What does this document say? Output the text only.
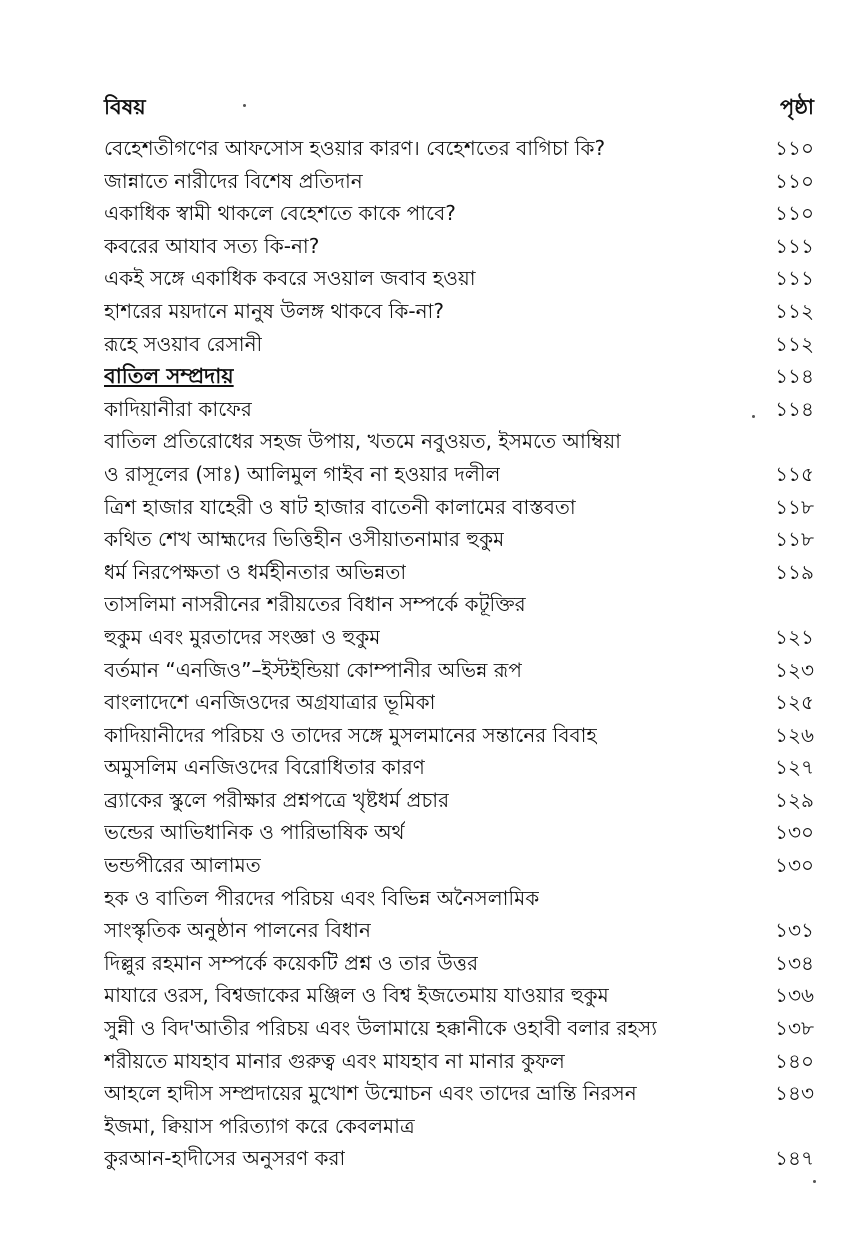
বিষয়	পৃষ্ঠা
বেহেশতীগণের আফসোস হওয়ার কারণ। বেহেশতের বাগিচা কি?	১১০
জান্নাতে নারীদের বিশেষ প্রতিদান	১১০
একাধিক স্বামী থাকলে বেহেশতে কাকে পাবে?	১১০
কবরের আযাব সত্য কি-না?	১১১
একই সঙ্গে একাধিক কবরে সওয়াল জবাব হওয়া	১১১
হাশরের ময়দানে মানুষ উলঙ্গ থাকবে কি-না?	১১২
রূহে সওয়াব রেসানী	১১২
বাতিল সম্প্রদায়	১১৪
কাদিয়ানীরা কাফের	১১৪
বাতিল প্রতিরোধের সহজ উপায়, খতমে নবুওয়ত, ইসমতে আম্বিয়া
ও রাসূলের (সাঃ) আলিমুল গাইব না হওয়ার দলীল	১১৫
ত্রিশ হাজার যাহেরী ও ষাট হাজার বাতেনী কালামের বাস্তবতা	১১৮
কথিত শেখ আহ্মদের ভিত্তিহীন ওসীয়াতনামার হুকুম	১১৮
ধর্ম নিরপেক্ষতা ও ধর্মহীনতার অভিন্নতা	১১৯
তাসলিমা নাসরীনের শরীয়তের বিধান সম্পর্কে কটূক্তির
হুকুম এবং মুরতাদের সংজ্ঞা ও হুকুম	১২১
বর্তমান “এনজিও”–ইস্টইন্ডিয়া কোম্পানীর অভিন্ন রূপ	১২৩
বাংলাদেশে এনজিওদের অগ্রযাত্রার ভূমিকা	১২৫
কাদিয়ানীদের পরিচয় ও তাদের সঙ্গে মুসলমানের সন্তানের বিবাহ	১২৬
অমুসলিম এনজিওদের বিরোধিতার কারণ	১২৭
ব্র্যাকের স্কুলে পরীক্ষার প্রশ্নপত্রে খৃষ্টধর্ম প্রচার	১২৯
ভন্ডের আভিধানিক ও পারিভাষিক অর্থ	১৩০
ভন্ডপীরের আলামত	১৩০
হক ও বাতিল পীরদের পরিচয় এবং বিভিন্ন অনৈসলামিক
সাংস্কৃতিক অনুষ্ঠান পালনের বিধান	১৩১
দিল্লুর রহমান সম্পর্কে কয়েকটি প্রশ্ন ও তার উত্তর	১৩৪
মাযারে ওরস, বিশ্বজাকের মঞ্জিল ও বিশ্ব ইজতেমায় যাওয়ার হুকুম	১৩৬
সুন্নী ও বিদ'আতীর পরিচয় এবং উলামায়ে হক্কানীকে ওহাবী বলার রহস্য	১৩৮
শরীয়তে মাযহাব মানার গুরুত্ব এবং মাযহাব না মানার কুফল	১৪০
আহলে হাদীস সম্প্রদায়ের মুখোশ উন্মোচন এবং তাদের ভ্রান্তি নিরসন	১৪৩
ইজমা, ক্বিয়াস পরিত্যাগ করে কেবলমাত্র
কুরআন-হাদীসের অনুসরণ করা	১৪৭
